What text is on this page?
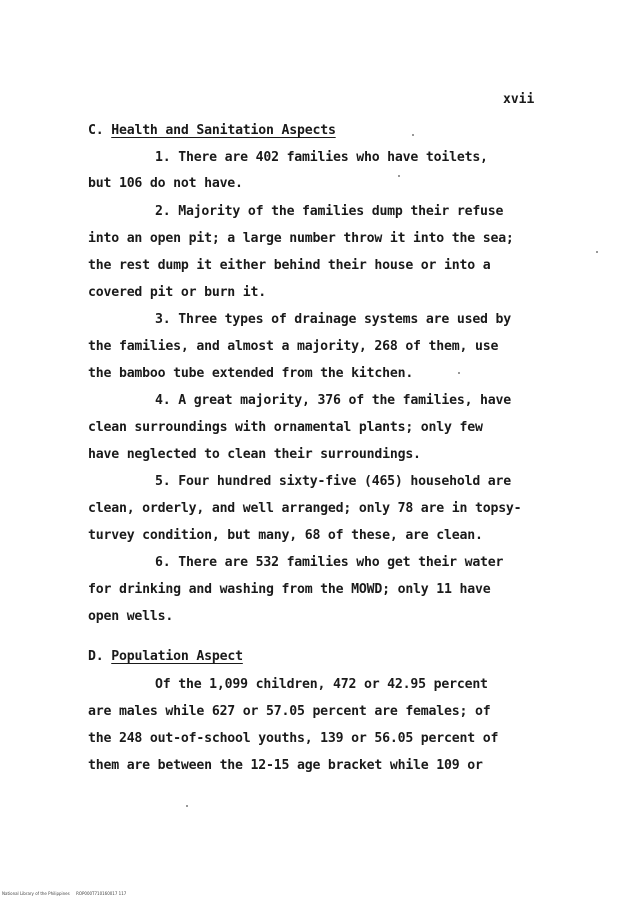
xvii
C. Health and Sanitation Aspects
1. There are 402 families who have toilets,
but 106 do not have.
2. Majority of the families dump their refuse
into an open pit; a large number throw it into the sea;
the rest dump it either behind their house or into a
covered pit or burn it.
3. Three types of drainage systems are used by
the families, and almost a majority, 268 of them, use
the bamboo tube extended from the kitchen.
4. A great majority, 376 of the families, have
clean surroundings with ornamental plants; only few
have neglected to clean their surroundings.
5. Four hundred sixty-five (465) household are
clean, orderly, and well arranged; only 78 are in topsy-
turvey condition, but many, 68 of these, are clean.
6. There are 532 families who get their water
for drinking and washing from the MOWD; only 11 have
open wells.
D. Population Aspect
Of the 1,099 children, 472 or 42.95 percent
are males while 627 or 57.05 percent are females; of
the 248 out-of-school youths, 139 or 56.05 percent of
them are between the 12-15 age bracket while 109 or
National Library of the Philippines ROP000T710160017 117
